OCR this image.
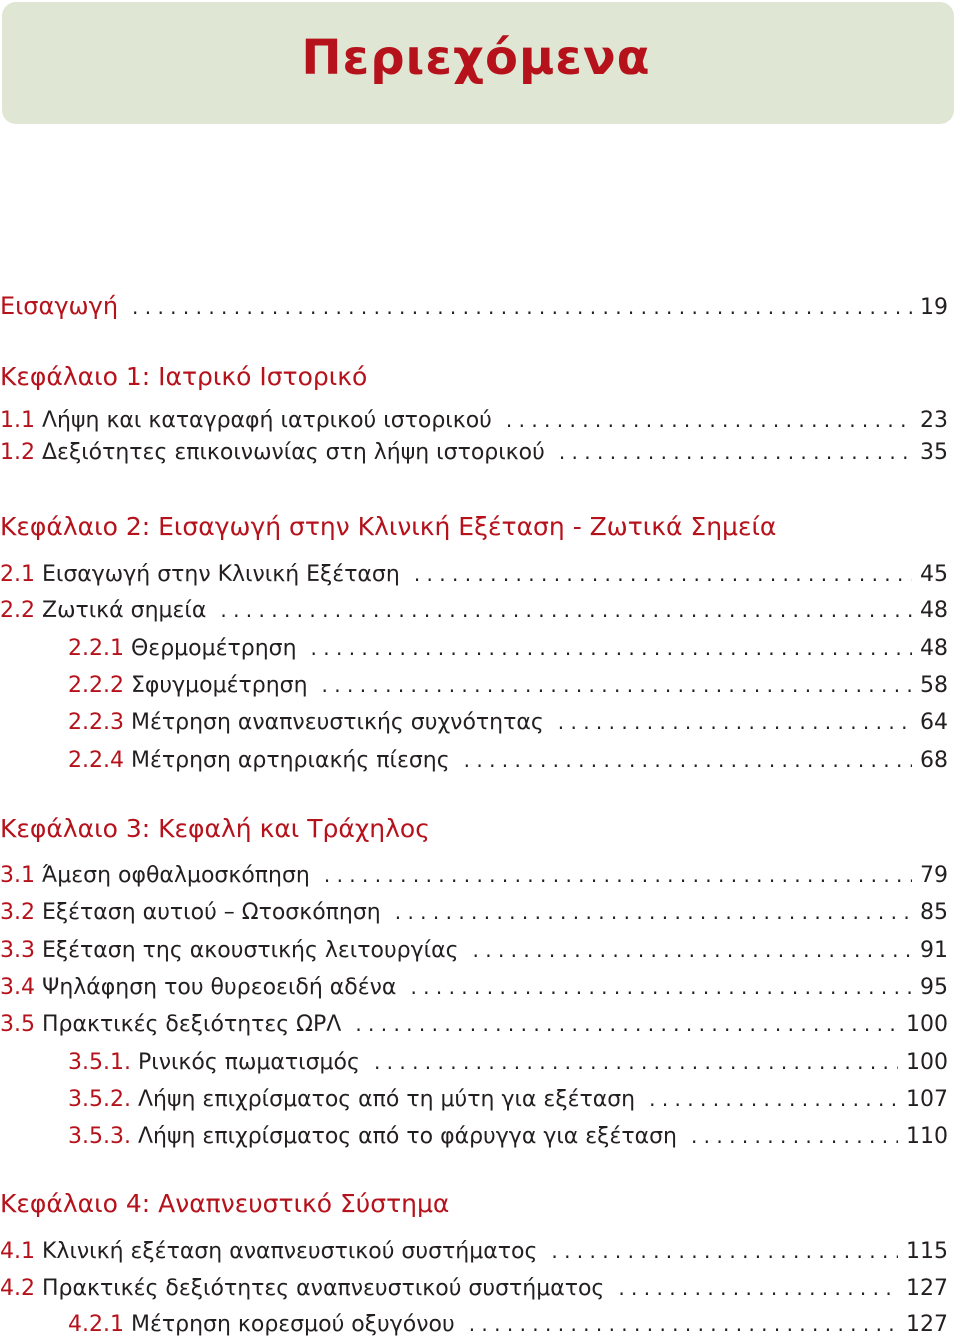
Περιεχόμενα
Εισαγωγή . . .	19
Κεφάλαιο 1: Ιατρικό Ιστορικό
1.1 Λήψη και καταγραφή ιατρικού ιστορικού . . .	23
1.2 Δεξιότητες επικοινωνίας στη λήψη ιστορικού . . .	35
Κεφάλαιο 2: Εισαγωγή στην Κλινική Εξέταση - Ζωτικά Σημεία
2.1 Εισαγωγή στην Κλινική Εξέταση . . .	45
2.2 Ζωτικά σημεία . . .	48
2.2.1 Θερμομέτρηση . . .	48
2.2.2 Σφυγμομέτρηση . . .	58
2.2.3 Μέτρηση αναπνευστικής συχνότητας . . .	64
2.2.4 Μέτρηση αρτηριακής πίεσης . . .	68
Κεφάλαιο 3: Κεφαλή και Τράχηλος
3.1 Άμεση οφθαλμοσκόπηση . . .	79
3.2 Εξέταση αυτιού – Ωτοσκόπηση . . .	85
3.3 Εξέταση της ακουστικής λειτουργίας . . .	91
3.4 Ψηλάφηση του θυρεοειδή αδένα . . .	95
3.5 Πρακτικές δεξιότητες ΩΡΛ . . .	100
3.5.1. Ρινικός πωματισμός . . .	100
3.5.2. Λήψη επιχρίσματος από τη μύτη για εξέταση . . .	107
3.5.3. Λήψη επιχρίσματος από το φάρυγγα για εξέταση . . .	110
Κεφάλαιο 4: Αναπνευστικό Σύστημα
4.1 Κλινική εξέταση αναπνευστικού συστήματος . . .	115
4.2 Πρακτικές δεξιότητες αναπνευστικού συστήματος . . .	127
4.2.1 Μέτρηση κορεσμού οξυγόνου . . .	127
